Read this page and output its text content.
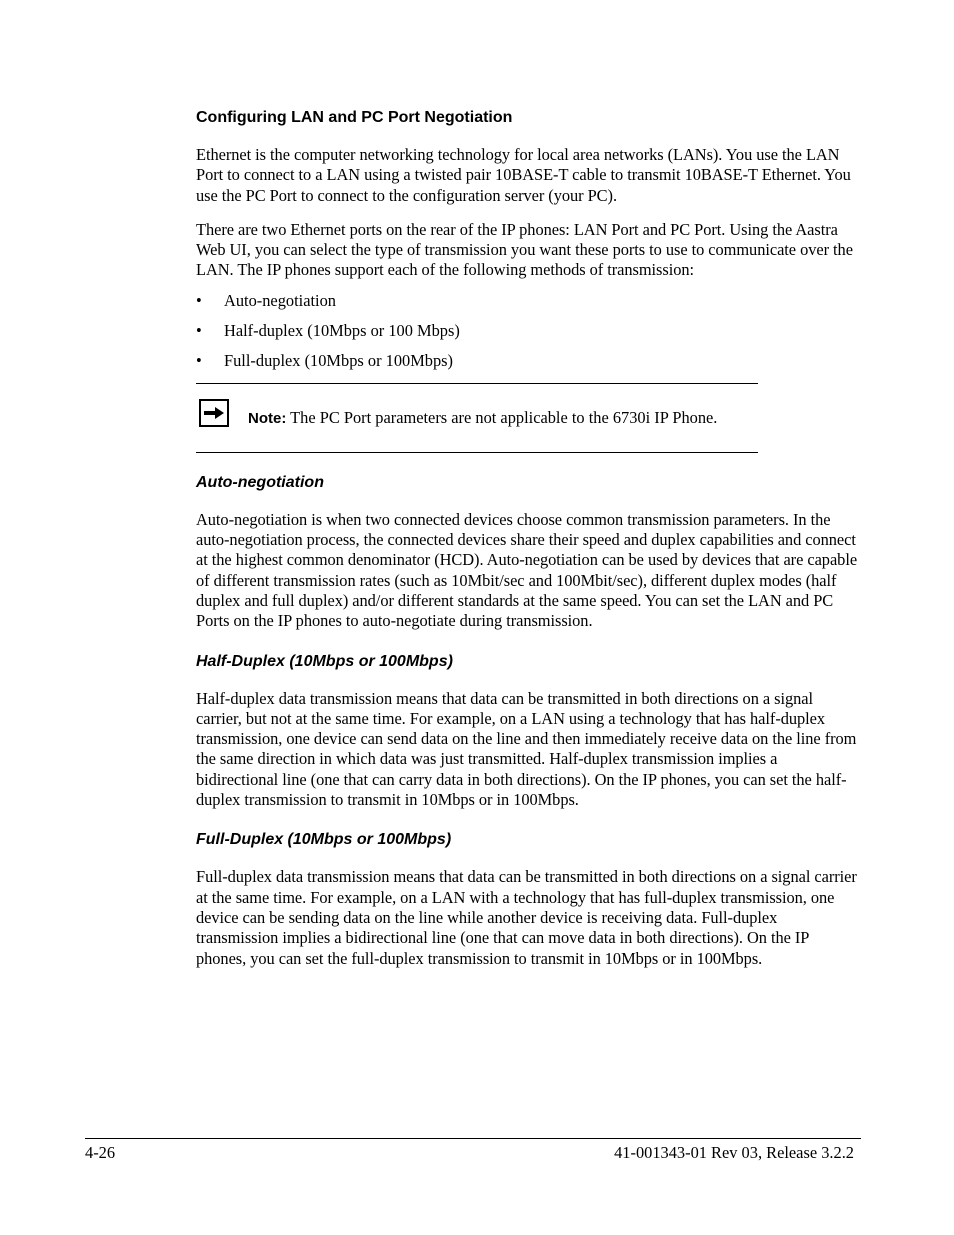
Configuring LAN and PC Port Negotiation

Ethernet is the computer networking technology for local area networks (LANs). You use the LAN Port to connect to a LAN using a twisted pair 10BASE-T cable to transmit 10BASE-T Ethernet. You use the PC Port to connect to the configuration server (your PC).

There are two Ethernet ports on the rear of the IP phones: LAN Port and PC Port. Using the Aastra Web UI, you can select the type of transmission you want these ports to use to communicate over the LAN. The IP phones support each of the following methods of transmission:

• Auto-negotiation
• Half-duplex (10Mbps or 100 Mbps)
• Full-duplex (10Mbps or 100Mbps)
Note: The PC Port parameters are not applicable to the 6730i IP Phone.
Auto-negotiation

Auto-negotiation is when two connected devices choose common transmission parameters. In the auto-negotiation process, the connected devices share their speed and duplex capabilities and connect at the highest common denominator (HCD). Auto-negotiation can be used by devices that are capable of different transmission rates (such as 10Mbit/sec and 100Mbit/sec), different duplex modes (half duplex and full duplex) and/or different standards at the same speed. You can set the LAN and PC Ports on the IP phones to auto-negotiate during transmission.

Half-Duplex (10Mbps or 100Mbps)

Half-duplex data transmission means that data can be transmitted in both directions on a signal carrier, but not at the same time. For example, on a LAN using a technology that has half-duplex transmission, one device can send data on the line and then immediately receive data on the line from the same direction in which data was just transmitted. Half-duplex transmission implies a bidirectional line (one that can carry data in both directions). On the IP phones, you can set the half-duplex transmission to transmit in 10Mbps or in 100Mbps.

Full-Duplex (10Mbps or 100Mbps)

Full-duplex data transmission means that data can be transmitted in both directions on a signal carrier at the same time. For example, on a LAN with a technology that has full-duplex transmission, one device can be sending data on the line while another device is receiving data. Full-duplex transmission implies a bidirectional line (one that can move data in both directions). On the IP phones, you can set the full-duplex transmission to transmit in 10Mbps or in 100Mbps.

4-26	41-001343-01 Rev 03, Release 3.2.2
